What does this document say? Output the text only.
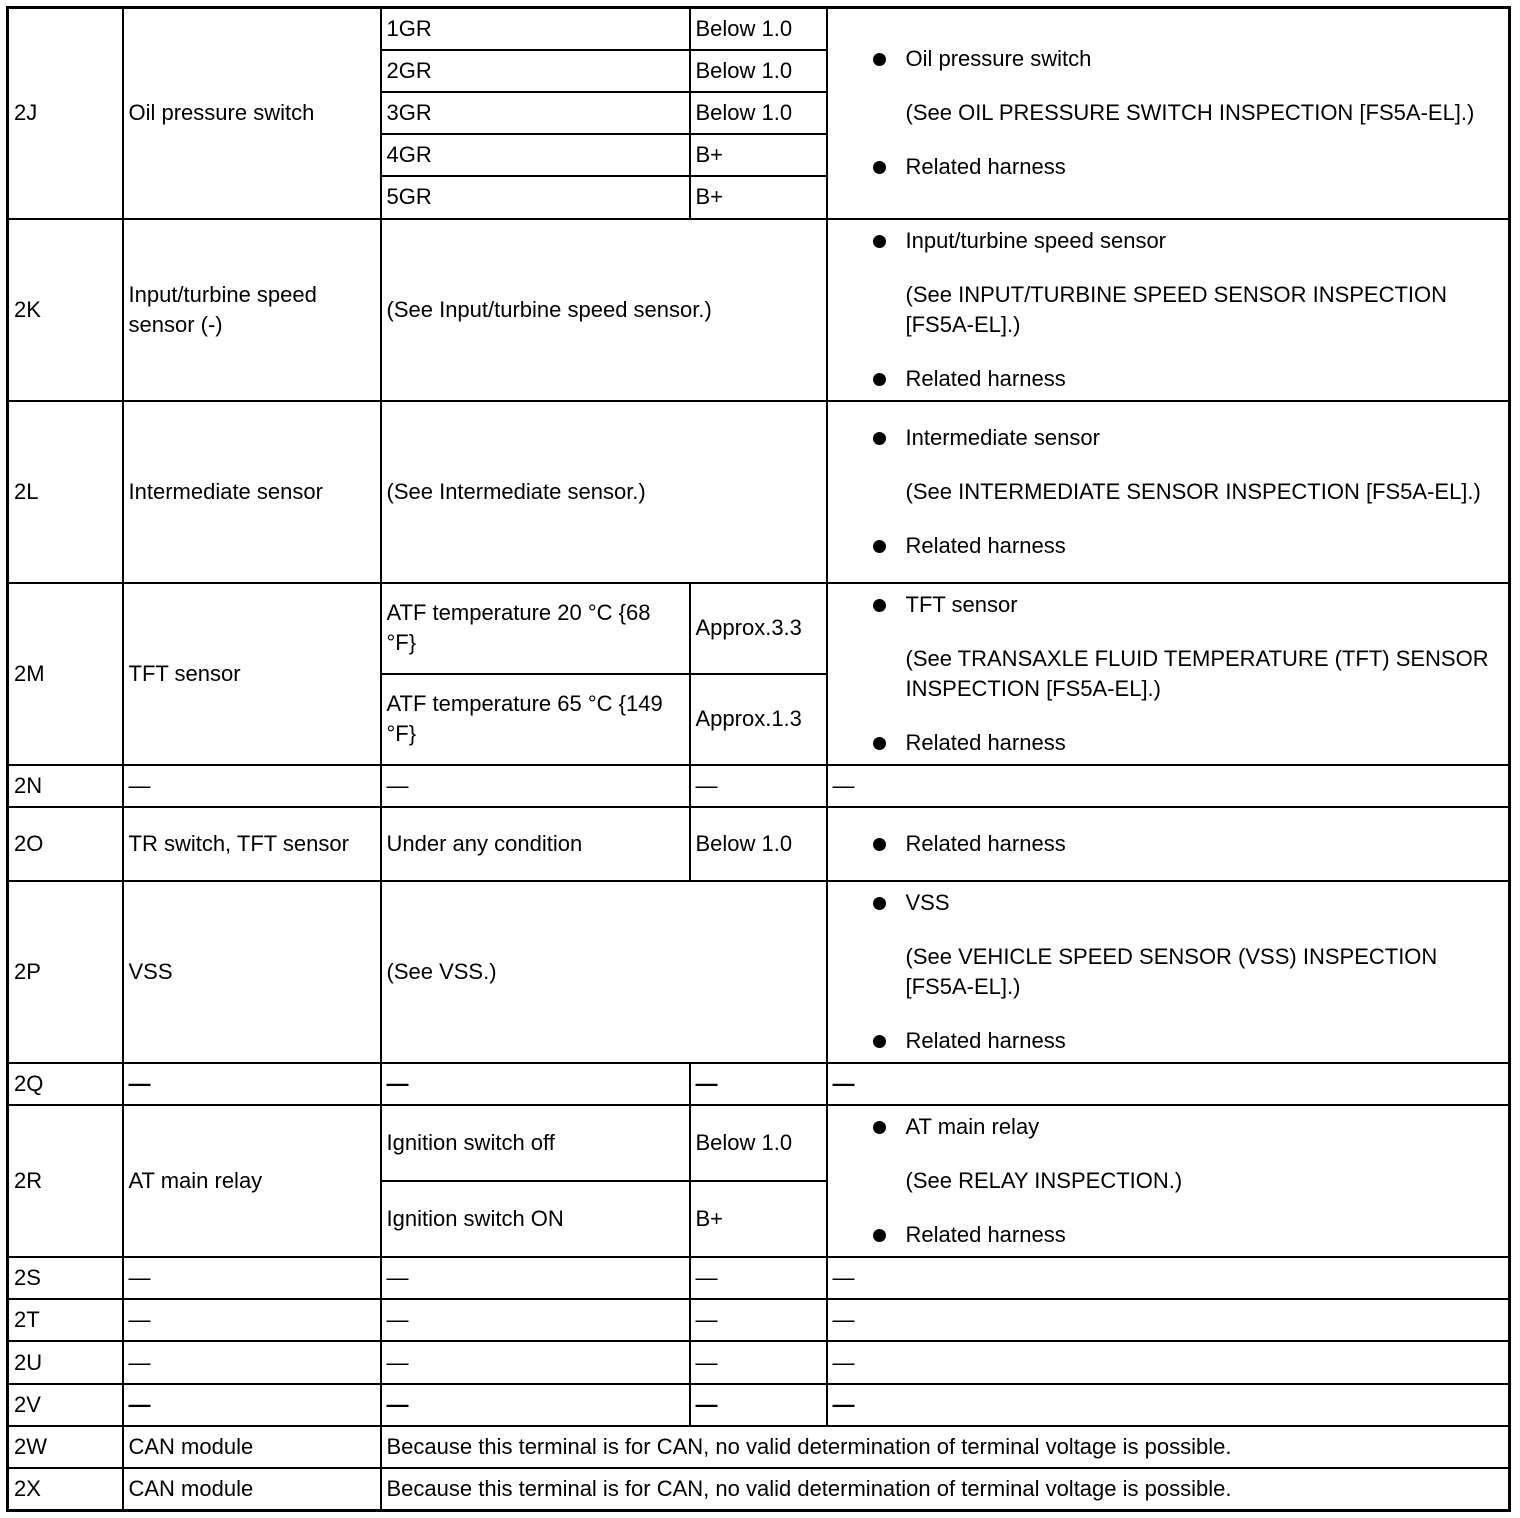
2J	Oil pressure switch	1GR	Below 1.0	Oil pressure switch

(See OIL PRESSURE SWITCH INSPECTION [FS5A-EL].)

Related harness

		2GR	Below 1.0	
		3GR	Below 1.0	
		4GR	B+	
		5GR	B+	
2K	Input/turbine speed sensor (-)	(See Input/turbine speed sensor.)		Input/turbine speed sensor

(See INPUT/TURBINE SPEED SENSOR INSPECTION [FS5A-EL].)

Related harness

2L	Intermediate sensor	(See Intermediate sensor.)		Intermediate sensor

(See INTERMEDIATE SENSOR INSPECTION [FS5A-EL].)

Related harness

2M	TFT sensor	ATF temperature 20 °C {68 °F}	Approx.3.3	TFT sensor

(See TRANSAXLE FLUID TEMPERATURE (TFT) SENSOR INSPECTION [FS5A-EL].)

Related harness

		ATF temperature 65 °C {149 °F}	Approx.1.3	
2N	—	—	—	—
2O	TR switch, TFT sensor	Under any condition	Below 1.0	Related harness

2P	VSS	(See VSS.)		VSS

(See VEHICLE SPEED SENSOR (VSS) INSPECTION [FS5A-EL].)

Related harness

2Q	—	—	—	—
2R	AT main relay	Ignition switch off	Below 1.0	AT main relay

(See RELAY INSPECTION.)

Related harness

		Ignition switch ON	B+	
2S	—	—	—	—
2T	—	—	—	—
2U	—	—	—	—
2V	—	—	—	—
2W	CAN module	Because this terminal is for CAN, no valid determination of terminal voltage is possible.		
2X	CAN module	Because this terminal is for CAN, no valid determination of terminal voltage is possible.		
